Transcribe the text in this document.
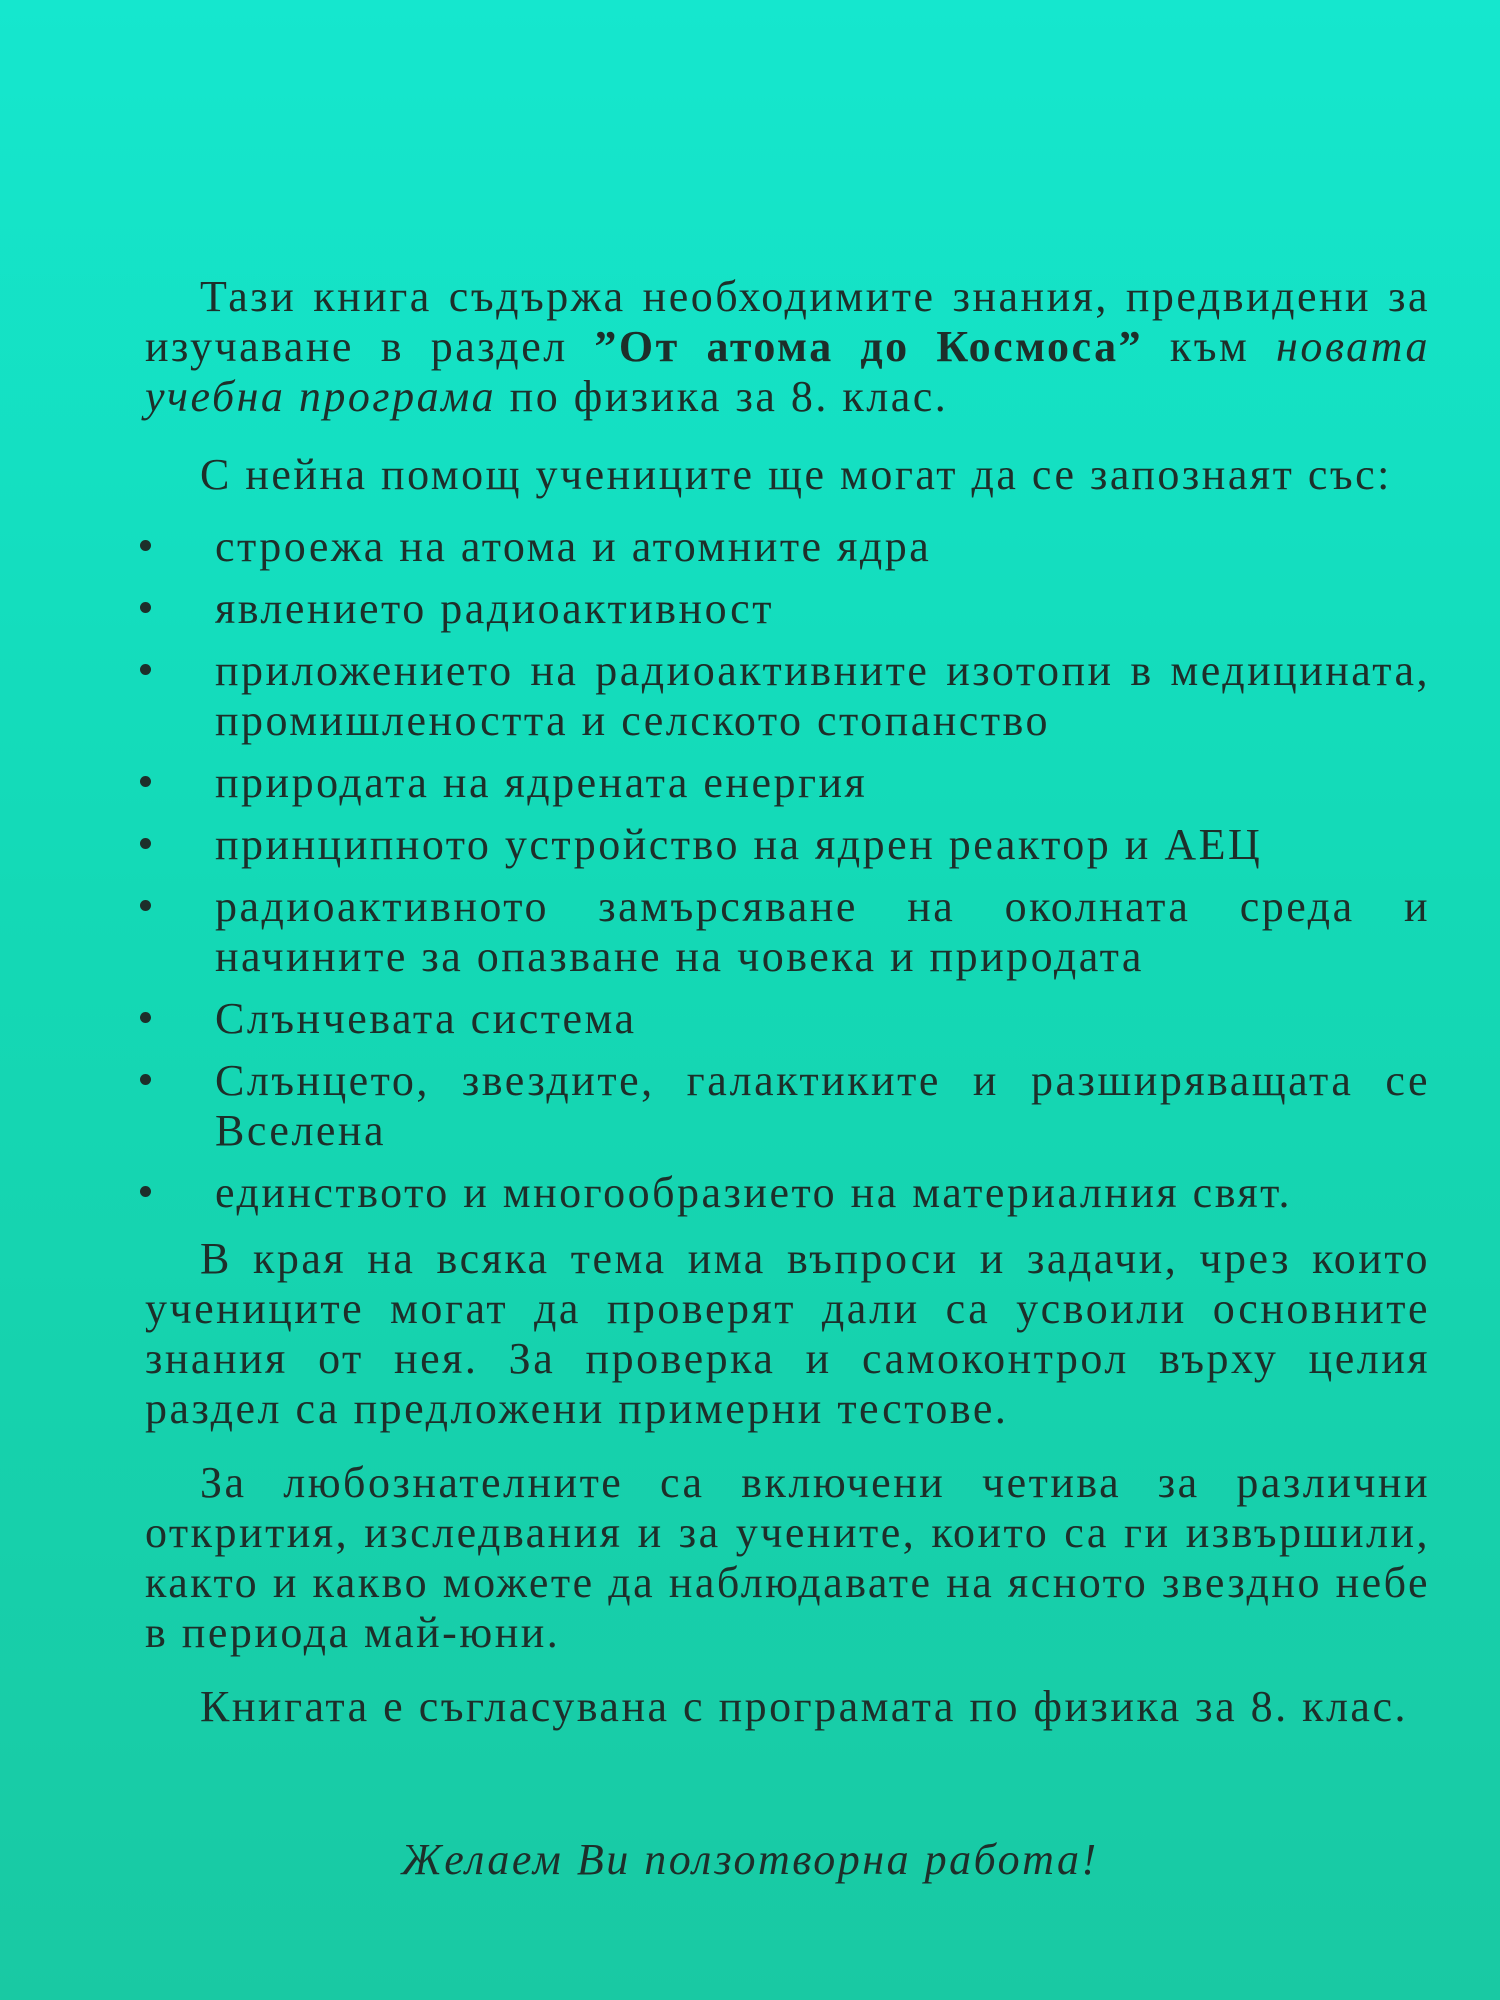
Тази книга съдържа необходимите знания, предвидени за изучаване в раздел ”От атома до Космоса” към новата учебна програма по физика за 8. клас.

С нейна помощ учениците ще могат да се запознаят със:

строежа на атома и атомните ядра
явлението радиоактивност
приложението на радиоактивните изотопи в медицината, промишлеността и селското стопанство
природата на ядрената енергия
принципното устройство на ядрен реактор и АЕЦ
радиоактивното замърсяване на околната среда и начините за опазване на човека и природата
Слънчевата система
Слънцето, звездите, галактиките и разширяващата се Вселена
единството и многообразието на материалния свят.

В края на всяка тема има въпроси и задачи, чрез които учениците могат да проверят дали са усвоили основните знания от нея. За проверка и самоконтрол върху целия раздел са предложени примерни тестове.

За любознателните са включени четива за различни открития, изследвания и за учените, които са ги извършили, както и какво можете да наблюдавате на ясното звездно небе в периода май-юни.

Книгата е съгласувана с програмата по физика за 8. клас.

Желаем Ви ползотворна работа!
